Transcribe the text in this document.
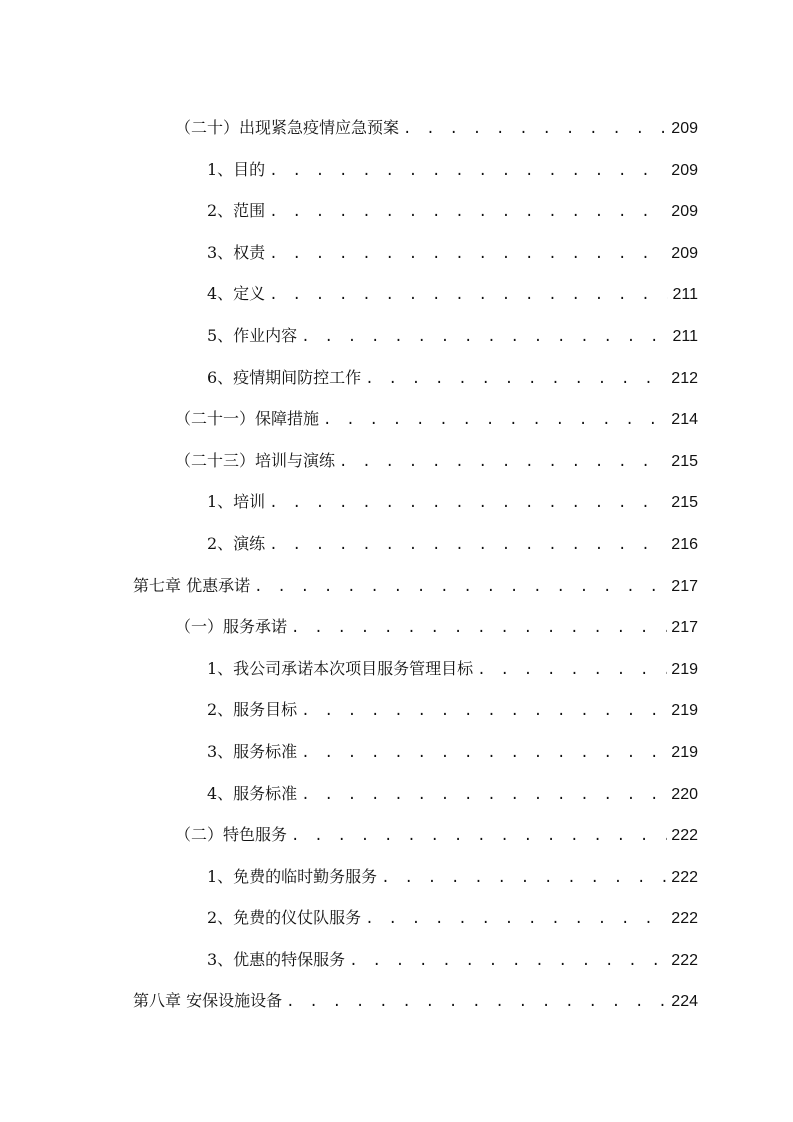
（二十）出现紧急疫情应急预案 . . .	209
1、目的 . . .	209
2、范围 . . .	209
3、权责 . . .	209
4、定义 . . .	211
5、作业内容 . . .	211
6、疫情期间防控工作 . . .	212
（二十一）保障措施 . . .	214
（二十三）培训与演练 . . .	215
1、培训 . . .	215
2、演练 . . .	216
第七章 优惠承诺 . . .	217
（一）服务承诺 . . .	217
1、我公司承诺本次项目服务管理目标 . . .	219
2、服务目标 . . .	219
3、服务标准 . . .	219
4、服务标准 . . .	220
（二）特色服务 . . .	222
1、免费的临时勤务服务 . . .	222
2、免费的仪仗队服务 . . .	222
3、优惠的特保服务 . . .	222
第八章 安保设施设备 . . .	224
